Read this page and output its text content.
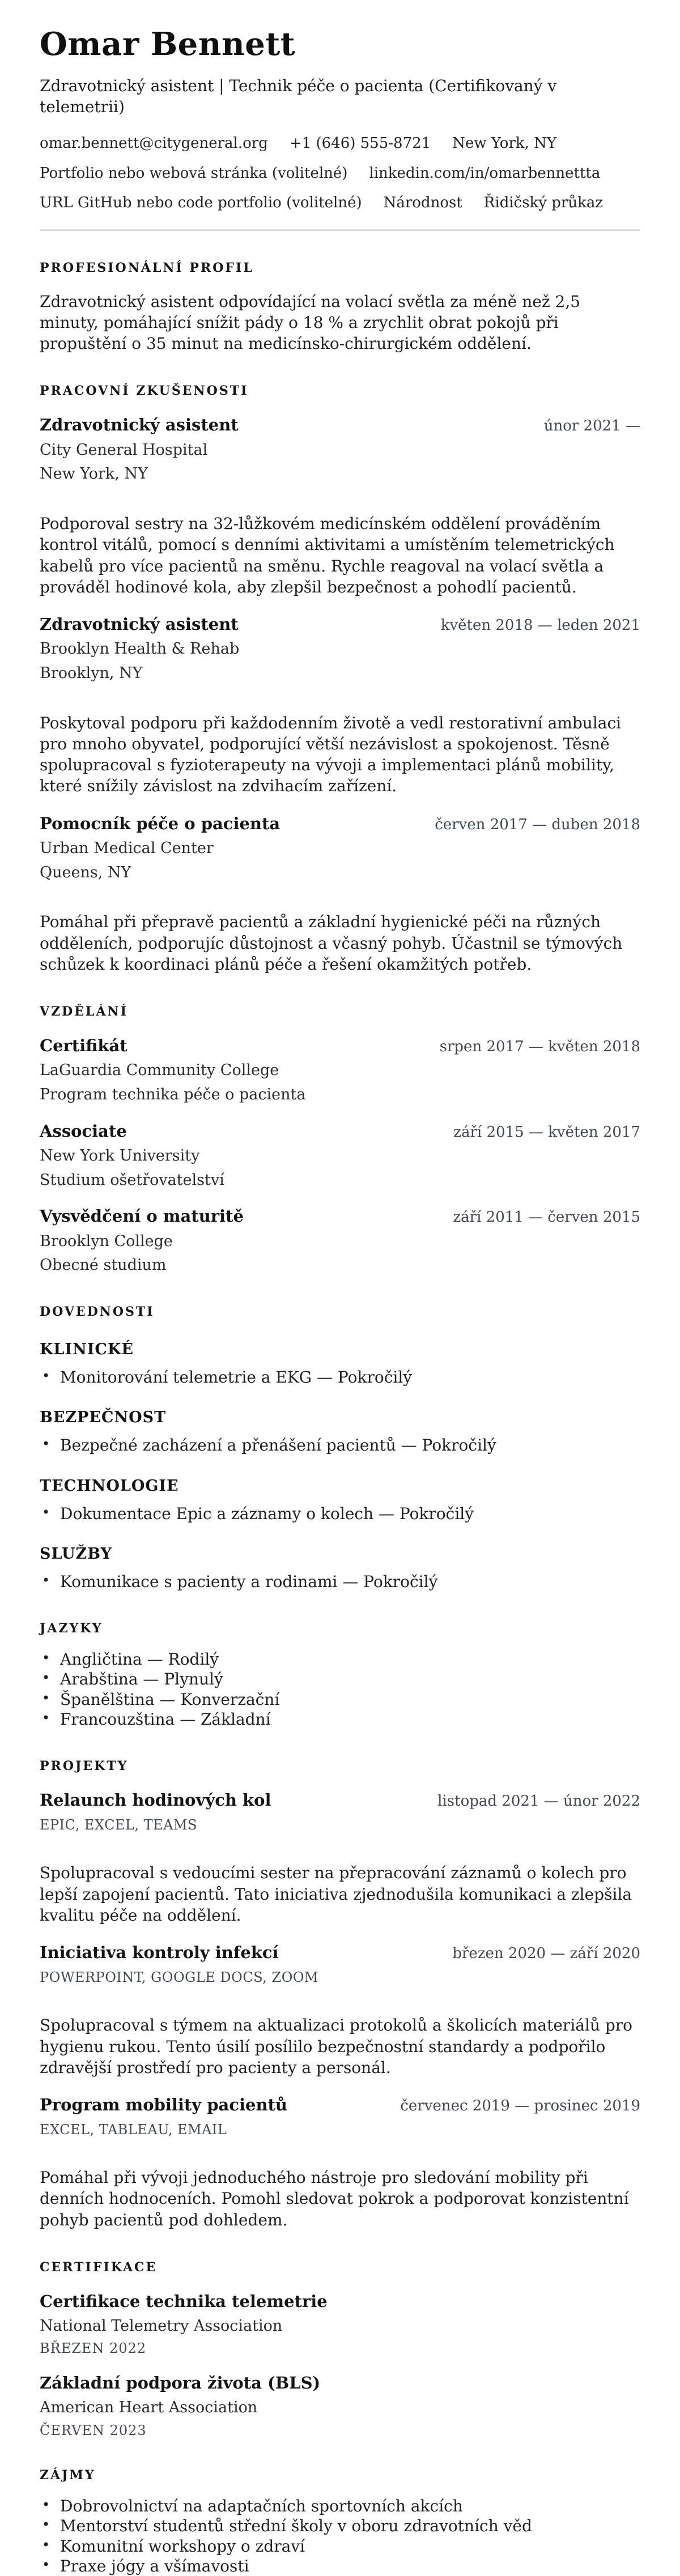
Omar Bennett
Zdravotnický asistent | Technik péče o pacienta (Certifikovaný v telemetrii)
omar.bennett@citygeneral.org +1 (646) 555-8721 New York, NY
Portfolio nebo webová stránka (volitelné) linkedin.com/in/omarbennettta
URL GitHub nebo code portfolio (volitelné) Národnost Řidičský průkaz
PROFESIONÁLNÍ PROFIL

Zdravotnický asistent odpovídající na volací světla za méně než 2,5 minuty, pomáhající snížit pády o 18 % a zrychlit obrat pokojů při propuštění o 35 minut na medicínsko-chirurgickém oddělení.

PRACOVNÍ ZKUŠENOSTI
Zdravotnický asistent	únor 2021 —
City General Hospital
New York, NY

Podporoval sestry na 32-lůžkovém medicínském oddělení prováděním kontrol vitálů, pomocí s denními aktivitami a umístěním telemetrických kabelů pro více pacientů na směnu. Rychle reagoval na volací světla a prováděl hodinové kola, aby zlepšil bezpečnost a pohodlí pacientů.

Zdravotnický asistent	květen 2018 — leden 2021
Brooklyn Health & Rehab
Brooklyn, NY

Poskytoval podporu při každodenním životě a vedl restorativní ambulaci pro mnoho obyvatel, podporující větší nezávislost a spokojenost. Těsně spolupracoval s fyzioterapeuty na vývoji a implementaci plánů mobility, které snížily závislost na zdvihacím zařízení.

Pomocník péče o pacienta	červen 2017 — duben 2018
Urban Medical Center
Queens, NY

Pomáhal při přepravě pacientů a základní hygienické péči na různých odděleních, podporujíc důstojnost a včasný pohyb. Účastnil se týmových schůzek k koordinaci plánů péče a řešení okamžitých potřeb.

VZDĚLÁNÍ
Certifikát	srpen 2017 — květen 2018
LaGuardia Community College
Program technika péče o pacienta
Associate	září 2015 — květen 2017
New York University
Studium ošetřovatelství
Vysvědčení o maturitě	září 2011 — červen 2015
Brooklyn College
Obecné studium
DOVEDNOSTI
KLINICKÉ
• Monitorování telemetrie a EKG — Pokročilý
BEZPEČNOST
• Bezpečné zacházení a přenášení pacientů — Pokročilý
TECHNOLOGIE
• Dokumentace Epic a záznamy o kolech — Pokročilý
SLUŽBY
• Komunikace s pacienty a rodinami — Pokročilý
JAZYKY
• Angličtina — Rodilý
• Arabština — Plynulý
• Španělština — Konverzační
• Francouzština — Základní
PROJEKTY
Relaunch hodinových kol	listopad 2021 — únor 2022
EPIC, EXCEL, TEAMS

Spolupracoval s vedoucími sester na přepracování záznamů o kolech pro lepší zapojení pacientů. Tato iniciativa zjednodušila komunikaci a zlepšila kvalitu péče na oddělení.

Iniciativa kontroly infekcí	březen 2020 — září 2020
POWERPOINT, GOOGLE DOCS, ZOOM

Spolupracoval s týmem na aktualizaci protokolů a školicích materiálů pro hygienu rukou. Tento úsilí posílilo bezpečnostní standardy a podpořilo zdravější prostředí pro pacienty a personál.

Program mobility pacientů	červenec 2019 — prosinec 2019
EXCEL, TABLEAU, EMAIL

Pomáhal při vývoji jednoduchého nástroje pro sledování mobility při denních hodnoceních. Pomohl sledovat pokrok a podporovat konzistentní pohyb pacientů pod dohledem.

CERTIFIKACE
Certifikace technika telemetrie
National Telemetry Association
BŘEZEN 2022
Základní podpora života (BLS)
American Heart Association
ČERVEN 2023
ZÁJMY
• Dobrovolnictví na adaptačních sportovních akcích
• Mentorství studentů střední školy v oboru zdravotních věd
• Komunitní workshopy o zdraví
• Praxe jógy a všímavosti
